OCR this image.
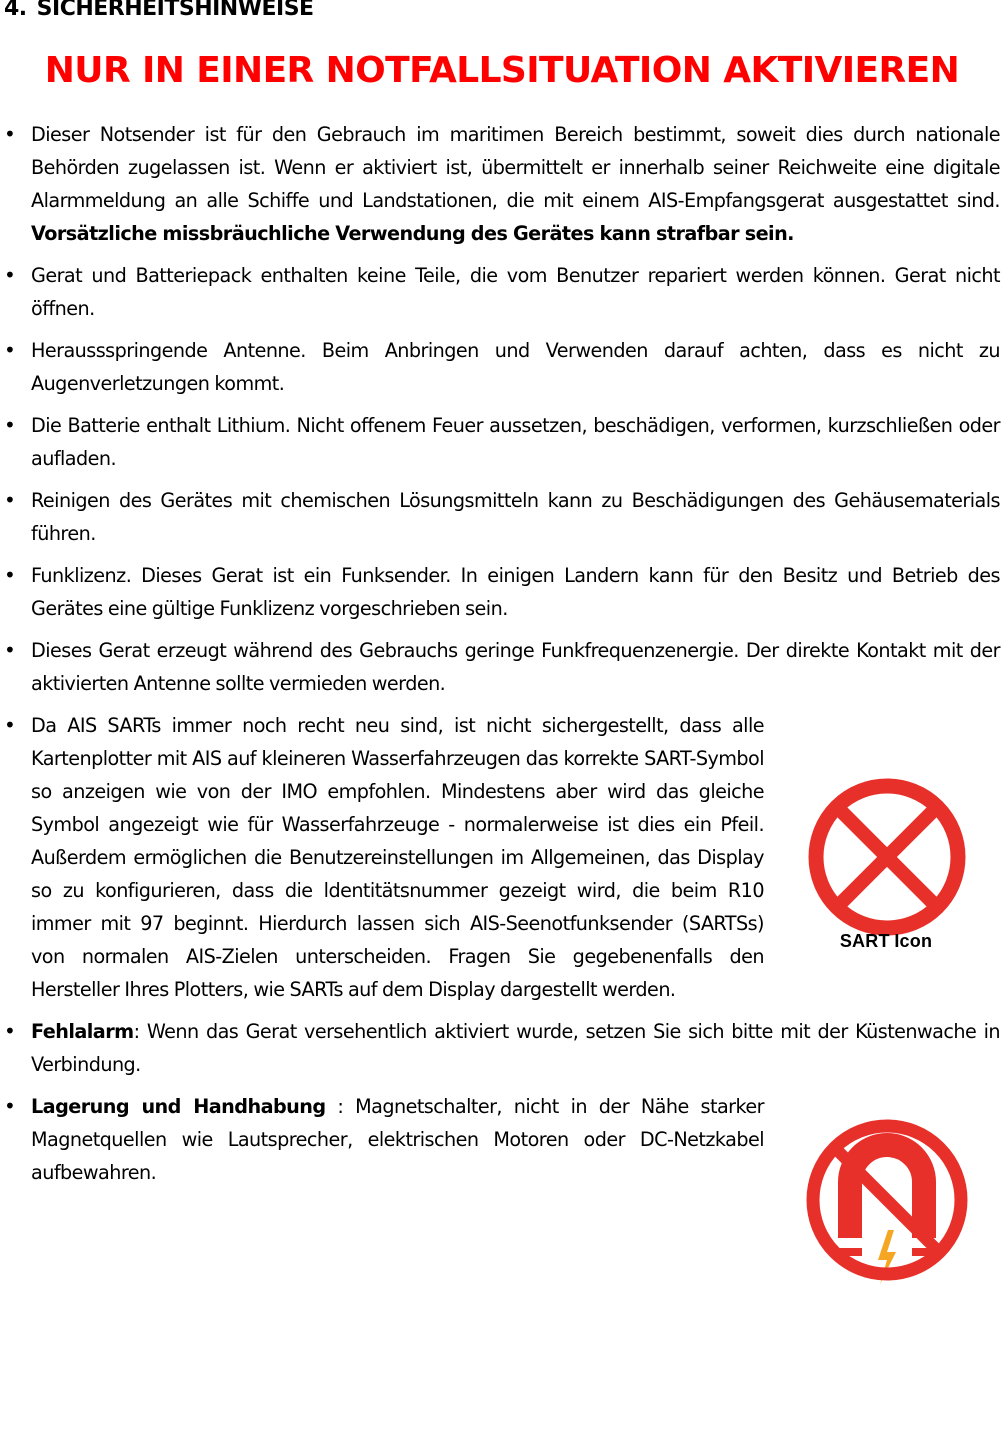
4. SICHERHEITSHINWEISE
NUR IN EINER NOTFALLSITUATION AKTIVIEREN
• Dieser Notsender ist für den Gebrauch im maritimen Bereich bestimmt, soweit dies durch nationale Behörden zugelassen ist. Wenn er aktiviert ist, übermittelt er innerhalb seiner Reichweite eine digitale Alarmmeldung an alle Schiffe und Landstationen, die mit einem AIS-Empfangsgerat ausgestattet sind. Vorsätzliche missbräuchliche Verwendung des Gerätes kann strafbar sein.
• Gerat und Batteriepack enthalten keine Teile, die vom Benutzer repariert werden können. Gerat nicht öffnen.
• Heraussspringende Antenne. Beim Anbringen und Verwenden darauf achten, dass es nicht zu Augenverletzungen kommt.
• Die Batterie enthalt Lithium. Nicht offenem Feuer aussetzen, beschädigen, verformen, kurzschließen oder aufladen.
• Reinigen des Gerätes mit chemischen Lösungsmitteln kann zu Beschädigungen des Gehäusematerials führen.
• Funklizenz. Dieses Gerat ist ein Funksender. In einigen Landern kann für den Besitz und Betrieb des Gerätes eine gültige Funklizenz vorgeschrieben sein.
• Dieses Gerat erzeugt während des Gebrauchs geringe Funkfrequenzenergie. Der direkte Kontakt mit der aktivierten Antenne sollte vermieden werden.
•
SART Icon
Da AIS SARTs immer noch recht neu sind, ist nicht sichergestellt, dass alle Kartenplotter mit AIS auf kleineren Wasserfahrzeugen das korrekte SART-Symbol so anzeigen wie von der IMO empfohlen. Mindestens aber wird das gleiche Symbol angezeigt wie für Wasserfahrzeuge - normalerweise ist dies ein Pfeil. Außerdem ermöglichen die Benutzereinstellungen im Allgemeinen, das Display so zu konfigurieren, dass die ldentitätsnummer gezeigt wird, die beim R10 immer mit 97 beginnt. Hierdurch lassen sich AIS-Seenotfunksender (SARTSs) von normalen AIS-Zielen unterscheiden. Fragen Sie gegebenenfalls den Hersteller Ihres Plotters, wie SARTs auf dem Display dargestellt werden.
• Fehlalarm: Wenn das Gerat versehentlich aktiviert wurde, setzen Sie sich bitte mit der Küstenwache in Verbindung.
• Lagerung und Handhabung : Magnetschalter, nicht in der Nähe starker Magnetquellen wie Lautsprecher, elektrischen Motoren oder DC-Netzkabel aufbewahren.
